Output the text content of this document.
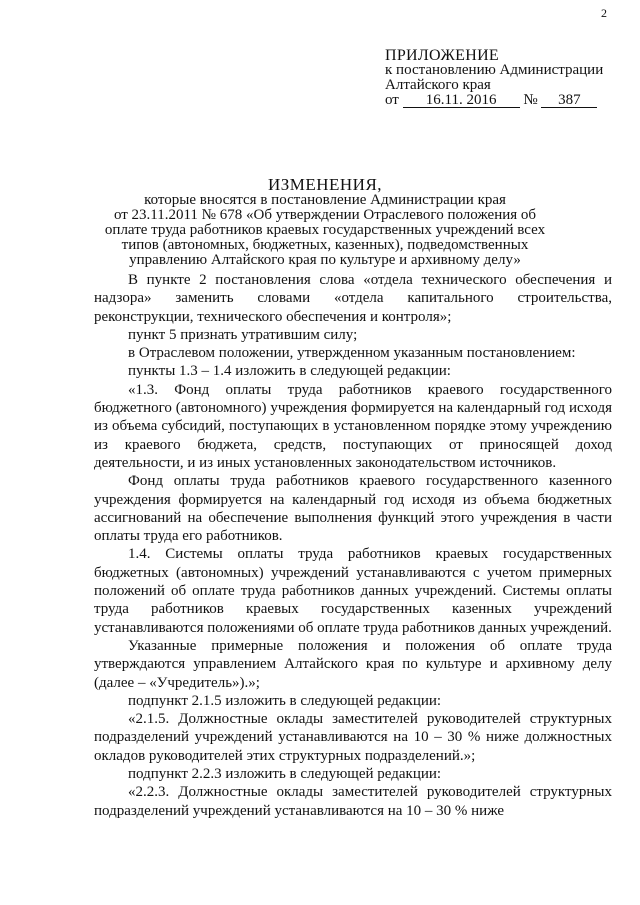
2
ПРИЛОЖЕНИЕ
к постановлению Администрации
Алтайского края
от 16.11. 2016 № 387
ИЗМЕНЕНИЯ,
которые вносятся в постановление Администрации края
от 23.11.2011 № 678 «Об утверждении Отраслевого положения об
оплате труда работников краевых государственных учреждений всех
типов (автономных, бюджетных, казенных), подведомственных
управлению Алтайского края по культуре и архивному делу»

В пункте 2 постановления слова «отдела технического обеспечения и надзора» заменить словами «отдела капитального строительства, реконструкции, технического обеспечения и контроля»;

пункт 5 признать утратившим силу;

в Отраслевом положении, утвержденном указанным постановлением:

пункты 1.3 – 1.4 изложить в следующей редакции:

«1.3. Фонд оплаты труда работников краевого государственного бюджетного (автономного) учреждения формируется на календарный год исходя из объема субсидий, поступающих в установленном порядке этому учреждению из краевого бюджета, средств, поступающих от приносящей доход деятельности, и из иных установленных законодательством источников.

Фонд оплаты труда работников краевого государственного казенного учреждения формируется на календарный год исходя из объема бюджетных ассигнований на обеспечение выполнения функций этого учреждения в части оплаты труда его работников.

1.4. Системы оплаты труда работников краевых государственных бюджетных (автономных) учреждений устанавливаются с учетом примерных положений об оплате труда работников данных учреждений. Системы оплаты труда работников краевых государственных казенных учреждений устанавливаются положениями об оплате труда работников данных учреждений.

Указанные примерные положения и положения об оплате труда утверждаются управлением Алтайского края по культуре и архивному делу (далее – «Учредитель»).»;

подпункт 2.1.5 изложить в следующей редакции:

«2.1.5. Должностные оклады заместителей руководителей структурных подразделений учреждений устанавливаются на 10 – 30 % ниже должностных окладов руководителей этих структурных подразделений.»;

подпункт 2.2.3 изложить в следующей редакции:

«2.2.3. Должностные оклады заместителей руководителей структурных подразделений учреждений устанавливаются на 10 – 30 % ниже
